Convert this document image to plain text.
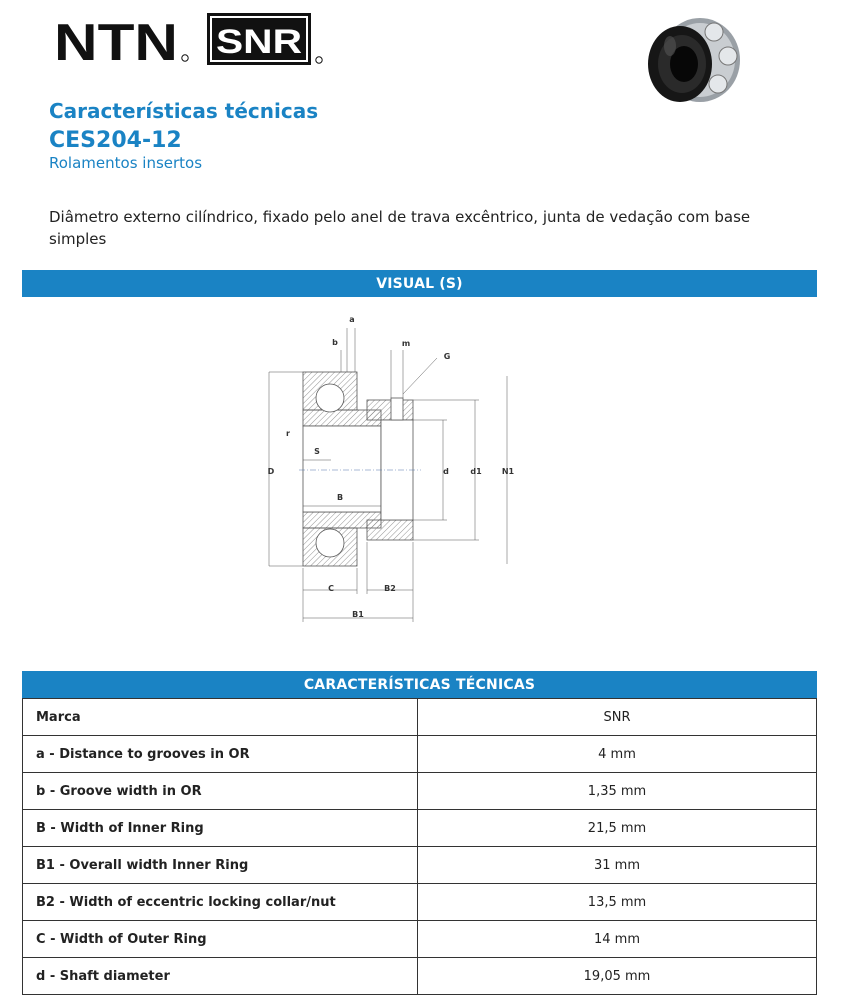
NTN SNR
Características técnicas
CES204-12
Rolamentos insertos

Diâmetro externo cilíndrico, fixado pelo anel de trava excêntrico, junta de vedação com base simples

VISUAL (S)
a
b	m
G
r
S
D	d	d1	N1
B
C	B2
B1
CARACTERÍSTICAS TÉCNICAS
Marca	SNR
a - Distance to grooves in OR	4 mm
b - Groove width in OR	1,35 mm
B - Width of Inner Ring	21,5 mm
B1 - Overall width Inner Ring	31 mm
B2 - Width of eccentric locking collar/nut	13,5 mm
C - Width of Outer Ring	14 mm
d - Shaft diameter	19,05 mm
